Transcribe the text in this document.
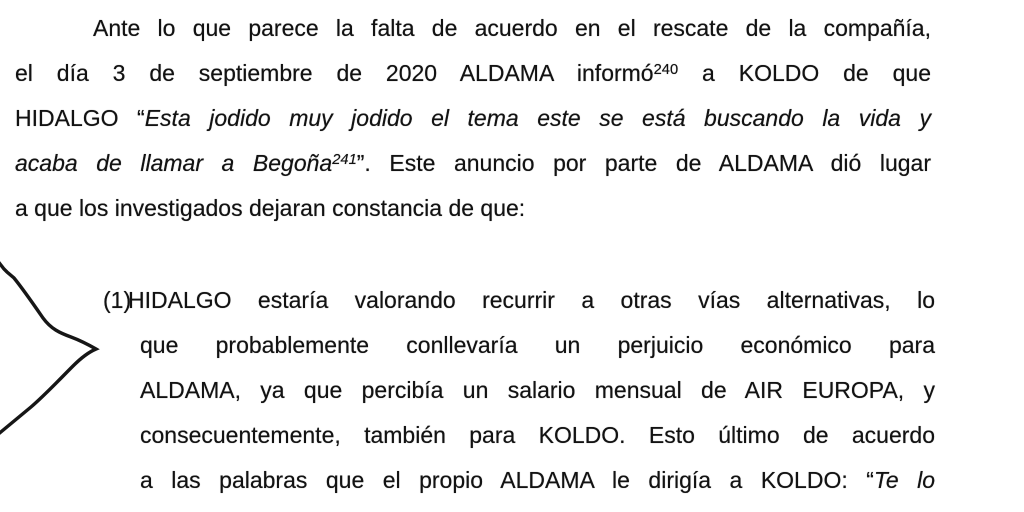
Ante lo que parece la falta de acuerdo en el rescate de la compañía,
el día 3 de septiembre de 2020 ALDAMA informó$^{240}$ a KOLDO de que
HIDALGO “Esta jodido muy jodido el tema este se está buscando la vida y
acaba de llamar a Begoña$^{241}$”. Este anuncio por parte de ALDAMA dió lugar
a que los investigados dejaran constancia de que:
(1)
HIDALGO estaría valorando recurrir a otras vías alternativas, lo
que probablemente conllevaría un perjuicio económico para
ALDAMA, ya que percibía un salario mensual de AIR EUROPA, y
consecuentemente, también para KOLDO. Esto último de acuerdo
a las palabras que el propio ALDAMA le dirigía a KOLDO: “Te lo
